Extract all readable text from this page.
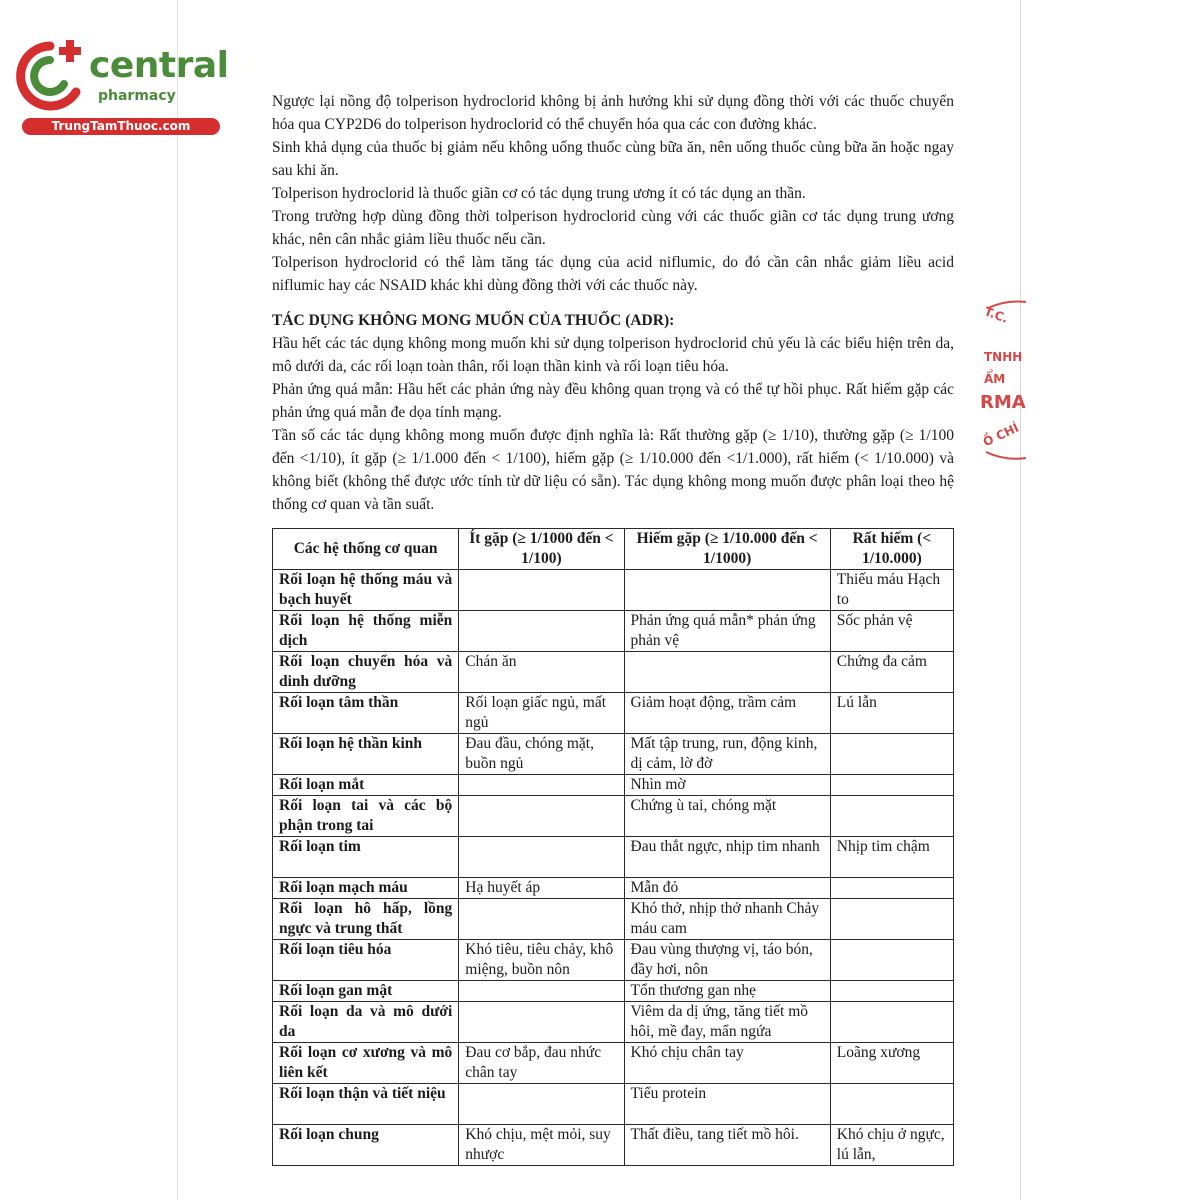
central
pharmacy
TrungTamThuoc.com

Ngược lại nồng độ tolperison hydroclorid không bị ảnh hưởng khi sử dụng đồng thời với các thuốc chuyển hóa qua CYP2D6 do tolperison hydroclorid có thể chuyển hóa qua các con đường khác.

Sinh khả dụng của thuốc bị giảm nếu không uống thuốc cùng bữa ăn, nên uống thuốc cùng bữa ăn hoặc ngay sau khi ăn.

Tolperison hydroclorid là thuốc giãn cơ có tác dụng trung ương ít có tác dụng an thần.

Trong trường hợp dùng đồng thời tolperison hydroclorid cùng với các thuốc giãn cơ tác dụng trung ương khác, nên cân nhắc giảm liều thuốc nếu cần.

Tolperison hydroclorid có thể làm tăng tác dụng của acid niflumic, do đó cần cân nhắc giảm liều acid niflumic hay các NSAID khác khi dùng đồng thời với các thuốc này.

TÁC DỤNG KHÔNG MONG MUỐN CỦA THUỐC (ADR):

Hầu hết các tác dụng không mong muốn khi sử dụng tolperison hydroclorid chủ yếu là các biểu hiện trên da, mô dưới da, các rối loạn toàn thân, rối loạn thần kinh và rối loạn tiêu hóa.

Phản ứng quá mẫn: Hầu hết các phản ứng này đều không quan trọng và có thể tự hồi phục. Rất hiếm gặp các phản ứng quá mẫn đe dọa tính mạng.

Tần số các tác dụng không mong muốn được định nghĩa là: Rất thường gặp (≥ 1/10), thường gặp (≥ 1/100 đến <1/10), ít gặp (≥ 1/1.000 đến < 1/100), hiếm gặp (≥ 1/10.000 đến <1/1.000), rất hiếm (< 1/10.000) và không biết (không thể được ước tính từ dữ liệu có sẵn). Tác dụng không mong muốn được phân loại theo hệ thống cơ quan và tần suất.

Các hệ thống cơ quan	Ít gặp (≥ 1/1000 đến < 1/100)	Hiếm gặp (≥ 1/10.000 đến < 1/1000)	Rất hiếm (< 1/10.000)
Rối loạn hệ thống máu và bạch huyết			Thiếu máu Hạch to
Rối loạn hệ thống miễn dịch		Phản ứng quá mẫn* phản ứng phản vệ	Sốc phản vệ
Rối loạn chuyển hóa và dinh dưỡng	Chán ăn		Chứng đa cảm
Rối loạn tâm thần	Rối loạn giấc ngủ, mất ngủ	Giảm hoạt động, trầm cảm	Lú lẫn
Rối loạn hệ thần kinh	Đau đầu, chóng mặt, buồn ngủ	Mất tập trung, run, động kinh, dị cảm, lờ đờ	
Rối loạn mắt		Nhìn mờ	
Rối loạn tai và các bộ phận trong tai		Chứng ù tai, chóng mặt	
Rối loạn tim		Đau thắt ngực, nhịp tim nhanh	Nhịp tim chậm
Rối loạn mạch máu	Hạ huyết áp	Mẫn đỏ	
Rối loạn hô hấp, lồng ngực và trung thất		Khó thở, nhịp thở nhanh Chảy máu cam	
Rối loạn tiêu hóa	Khó tiêu, tiêu chảy, khô miệng, buồn nôn	Đau vùng thượng vị, táo bón, đầy hơi, nôn	
Rối loạn gan mật		Tổn thương gan nhẹ	
Rối loạn da và mô dưới da		Viêm da dị ứng, tăng tiết mồ hôi, mề đay, mẩn ngứa	
Rối loạn cơ xương và mô liên kết	Đau cơ bắp, đau nhức chân tay	Khó chịu chân tay	Loãng xương
Rối loạn thận và tiết niệu		Tiểu protein	
Rối loạn chung	Khó chịu, mệt mỏi, suy nhược	Thất điều, tang tiết mồ hôi.	Khó chịu ở ngực, lú lẫn,
T.C.
TNHH
ẨM
RMA
Ồ CHÍ
